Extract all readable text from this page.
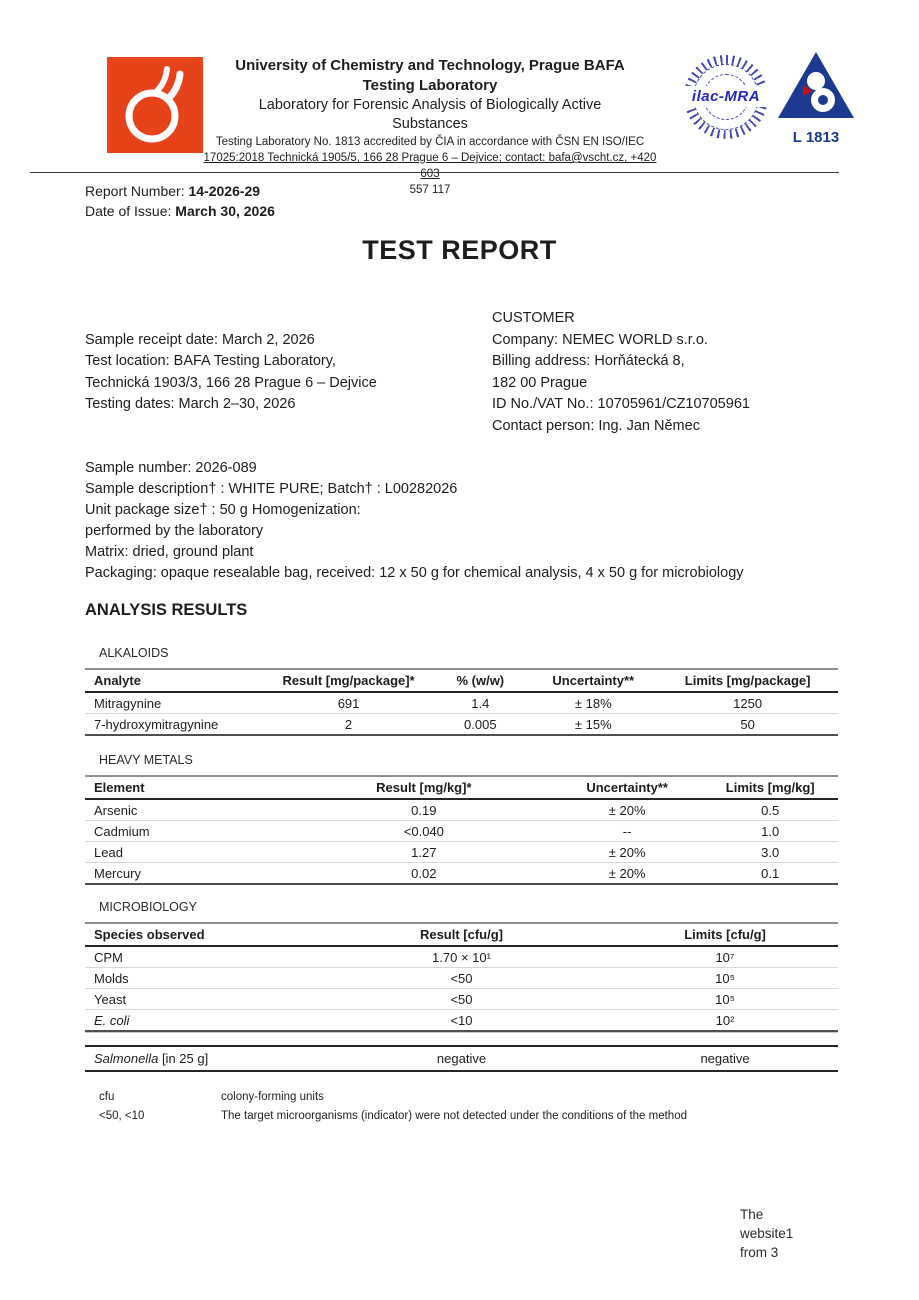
University of Chemistry and Technology, Prague BAFA
Testing Laboratory
Laboratory for Forensic Analysis of Biologically Active
Substances
Testing Laboratory No. 1813 accredited by ČIA in accordance with ČSN EN ISO/IEC
17025:2018 Technická 1905/5, 166 28 Prague 6 – Dejvice; contact: bafa@vscht.cz, +420 603
557 117
ilac-MRA
L 1813
Report Number: 14-2026-29
Date of Issue: March 30, 2026
TEST REPORT
Sample receipt date: March 2, 2026
Test location: BAFA Testing Laboratory,
Technická 1903/3, 166 28 Prague 6 – Dejvice
Testing dates: March 2–30, 2026
CUSTOMER
Company: NEMEC WORLD s.r.o.
Billing address: Horňátecká 8,
182 00 Prague
ID No./VAT No.: 10705961/CZ10705961
Contact person: Ing. Jan Němec
Sample number: 2026-089
Sample description† : WHITE PURE; Batch† : L00282026
Unit package size† : 50 g Homogenization:
performed by the laboratory
Matrix: dried, ground plant
Packaging: opaque resealable bag, received: 12 x 50 g for chemical analysis, 4 x 50 g for microbiology
ANALYSIS RESULTS
ALKALOIDS
Analyte	Result [mg/package]*	% (w/w)	Uncertainty**	Limits [mg/package]
Mitragynine	691	1.4	± 18%	1250
7-hydroxymitragynine	2	0.005	± 15%	50
HEAVY METALS
Element	Result [mg/kg]*	Uncertainty**	Limits [mg/kg]
Arsenic	0.19	± 20%	0.5
Cadmium	<0.040	--	1.0
Lead	1.27	± 20%	3.0
Mercury	0.02	± 20%	0.1
MICROBIOLOGY
Species observed	Result [cfu/g]	Limits [cfu/g]
CPM	1.70 × 10¹	10⁷
Molds	<50	10⁵
Yeast	<50	10⁵
E. coli	<10	10²
Salmonella [in 25 g]	negative	negative
cfu	colony-forming units
<50, <10	The target microorganisms (indicator) were not detected under the conditions of the method
The
website1
from 3
